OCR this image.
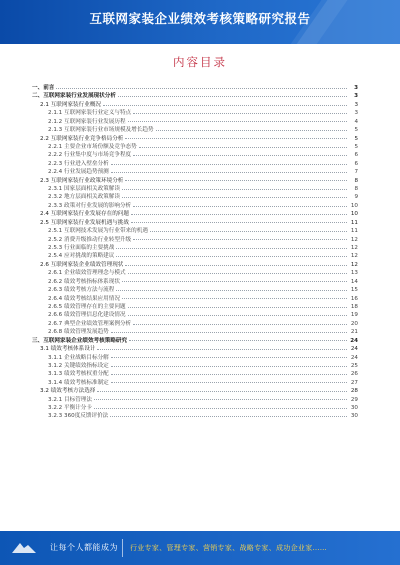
互联网家装企业绩效考核策略研究报告
内容目录
一、前言	3
二、互联网家装行业发展现状分析	3
2.1 互联网家装行业概况	3
2.1.1 互联网家装行业定义与特点	3
2.1.2 互联网家装行业发展历程	4
2.1.3 互联网家装行业市场规模及增长趋势	5
2.2 互联网家装行业竞争格局分析	5
2.2.1 主要企业市场份额及竞争态势	5
2.2.2 行业集中度与市场竞争程度	6
2.2.3 行业进入壁垒分析	6
2.2.4 行业发展趋势预测	7
2.3 互联网家装行业政策环境分析	8
2.3.1 国家层面相关政策解读	8
2.3.2 地方层面相关政策解读	9
2.3.3 政策对行业发展的影响分析	10
2.4 互联网家装行业发展存在的问题	10
2.5 互联网家装行业发展机遇与挑战	11
2.5.1 互联网技术发展为行业带来的机遇	11
2.5.2 消费升级推动行业转型升级	12
2.5.3 行业面临的主要挑战	12
2.5.4 应对挑战的策略建议	12
2.6 互联网家装企业绩效管理现状	12
2.6.1 企业绩效管理理念与模式	13
2.6.2 绩效考核指标体系现状	14
2.6.3 绩效考核方法与流程	15
2.6.4 绩效考核结果应用情况	16
2.6.5 绩效管理存在的主要问题	18
2.6.6 绩效管理信息化建设情况	19
2.6.7 典型企业绩效管理案例分析	20
2.6.8 绩效管理发展趋势	21
三、互联网家装企业绩效考核策略研究	24
3.1 绩效考核体系设计	24
3.1.1 企业战略目标分解	24
3.1.2 关键绩效指标设定	25
3.1.3 绩效考核权重分配	26
3.1.4 绩效考核标准制定	27
3.2 绩效考核方法选择	28
3.2.1 目标管理法	29
3.2.2 平衡计分卡	30
3.2.3 360度反馈评价法	30
让每个人都能成为 行业专家、管理专家、营销专家、战略专家、成功企业家……
